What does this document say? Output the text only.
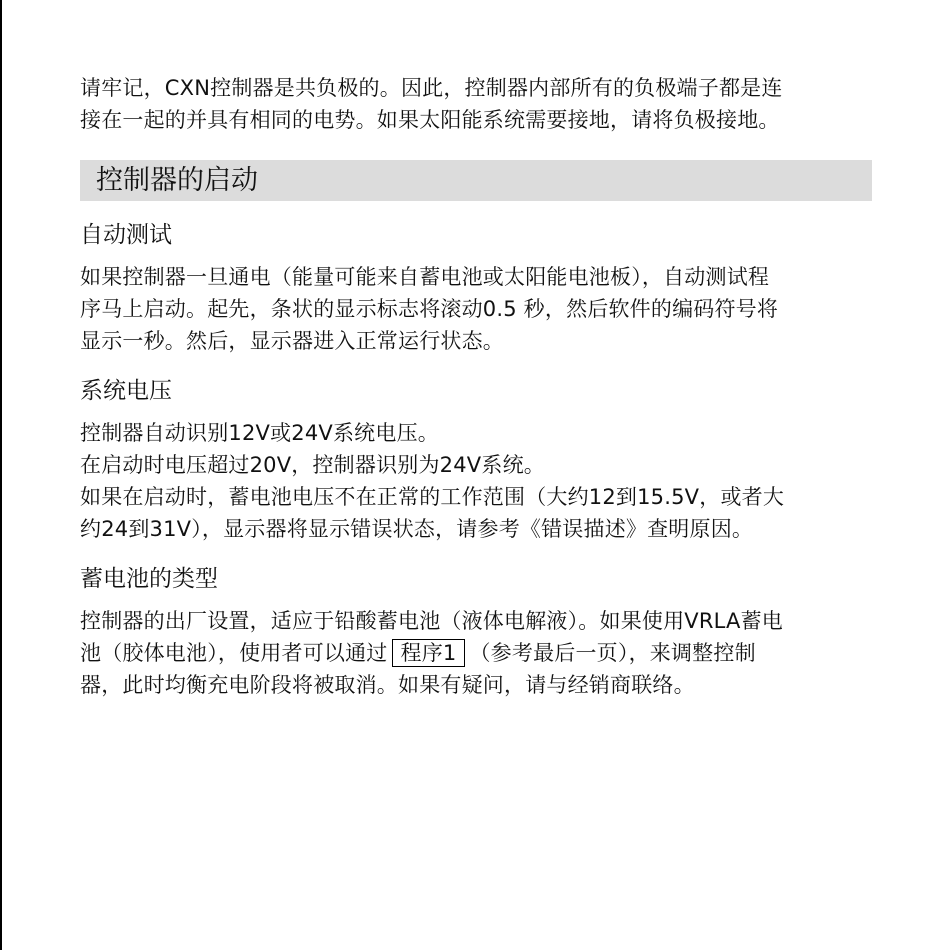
请牢记，CXN控制器是共负极的。因此，控制器内部所有的负极端子都是连
接在一起的并具有相同的电势。如果太阳能系统需要接地，请将负极接地。

控制器的启动
自动测试

如果控制器一旦通电（能量可能来自蓄电池或太阳能电池板），自动测试程
序马上启动。起先，条状的显示标志将滚动0.5 秒，然后软件的编码符号将
显示一秒。然后，显示器进入正常运行状态。

系统电压

控制器自动识别12V或24V系统电压。
在启动时电压超过20V，控制器识别为24V系统。
如果在启动时，蓄电池电压不在正常的工作范围（大约12到15.5V，或者大
约24到31V），显示器将显示错误状态，请参考《错误描述》查明原因。

蓄电池的类型

控制器的出厂设置，适应于铅酸蓄电池（液体电解液）。如果使用VRLA蓄电
池（胶体电池），使用者可以通过 程序1 （参考最后一页），来调整控制
器，此时均衡充电阶段将被取消。如果有疑问，请与经销商联络。
